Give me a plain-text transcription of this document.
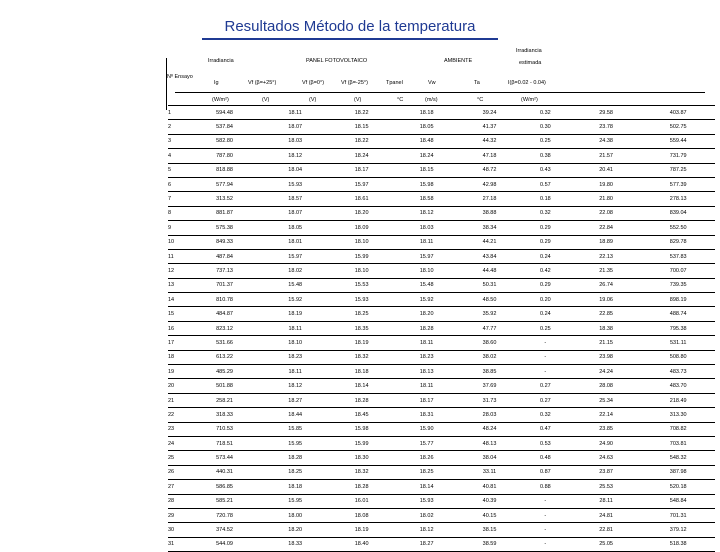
Resultados Método de la temperatura
Irradiancia	PANEL FOTOVOLTAICO	AMBIENTE
Irradiancia
estimada
Nº Ensayo
Ig	Vf (β=+25°)	Vf (β=0°)	Vf (β=-25°)	Tpanel	Vw	Ta	I(β=0.02 - 0.04)
(W/m²)	(V)	(V)	(V)	°C	(m/s)	°C	(W/m²)
1	594.48	18.11	18.22	18.18	39.24	0.32	29.58	403.87
2	537.84	18.07	18.15	18.05	41.37	0.30	23.78	502.75
3	582.80	18.03	18.22	18.48	44.32	0.25	24.38	559.44
4	787.80	18.12	18.24	18.24	47.18	0.38	21.57	731.79
5	818.88	18.04	18.17	18.15	48.72	0.43	20.41	787.25
6	577.94	15.93	15.97	15.98	42.98	0.57	19.80	577.39
7	313.52	18.57	18.61	18.58	27.18	0.18	21.80	278.13
8	881.87	18.07	18.20	18.12	38.88	0.32	22.08	839.04
9	575.38	18.05	18.09	18.03	38.34	0.29	22.84	552.50
10	849.33	18.01	18.10	18.11	44.21	0.29	18.89	829.78
11	487.84	15.97	15.99	15.97	43.84	0.24	22.13	537.83
12	737.13	18.02	18.10	18.10	44.48	0.42	21.35	700.07
13	701.37	15.48	15.53	15.48	50.31	0.29	26.74	739.35
14	810.78	15.92	15.93	15.92	48.50	0.20	19.06	898.19
15	484.87	18.19	18.25	18.20	35.92	0.24	22.85	488.74
16	823.12	18.11	18.35	18.28	47.77	0.25	18.38	795.38
17	531.66	18.10	18.19	18.11	38.60	-	21.15	531.11
18	613.22	18.23	18.32	18.23	38.02	-	23.98	508.80
19	485.29	18.11	18.18	18.13	38.85	-	24.24	483.73
20	501.88	18.12	18.14	18.11	37.69	0.27	28.08	483.70
21	258.21	18.27	18.28	18.17	31.73	0.27	25.34	218.49
22	318.33	18.44	18.45	18.31	28.03	0.32	22.14	313.30
23	710.53	15.85	15.98	15.90	48.24	0.47	23.85	708.82
24	718.51	15.95	15.99	15.77	48.13	0.53	24.90	703.81
25	573.44	18.28	18.30	18.26	38.04	0.48	24.63	548.32
26	440.31	18.25	18.32	18.25	33.11	0.87	23.87	387.98
27	586.85	18.18	18.28	18.14	40.81	0.88	25.53	520.18
28	585.21	15.95	16.01	15.93	40.39	-	28.11	548.84
29	720.78	18.00	18.08	18.02	40.15	-	24.81	701.31
30	374.52	18.20	18.19	18.12	38.15	-	22.81	379.12
31	544.09	18.33	18.40	18.27	38.59	-	25.05	518.38
